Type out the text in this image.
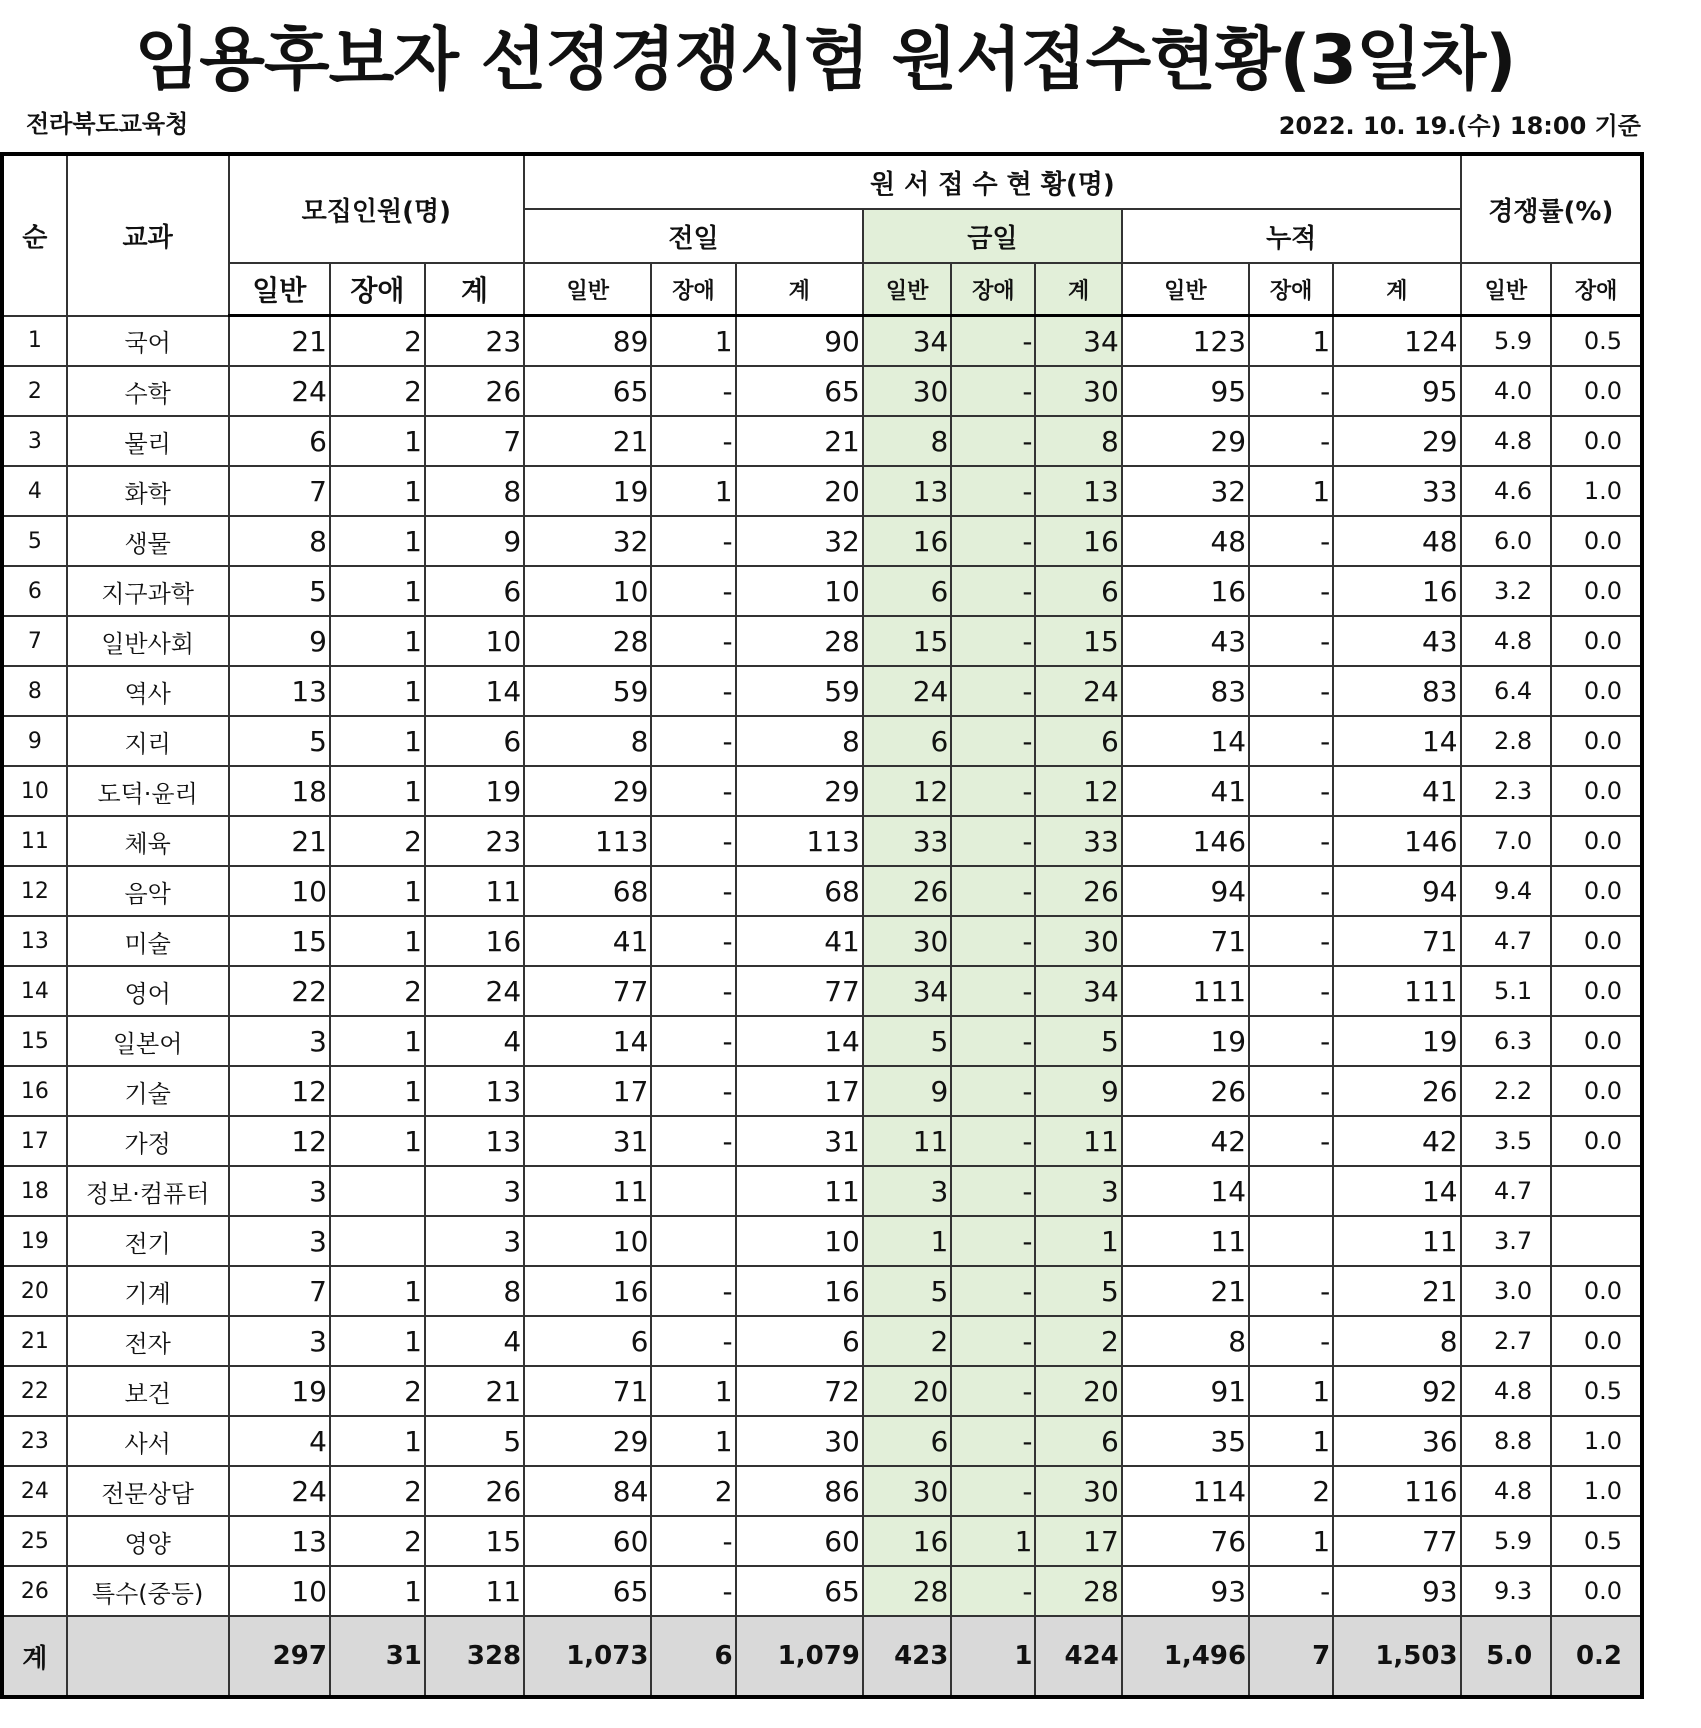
임용후보자 선정경쟁시험 원서접수현황(3일차)
전라북도교육청	2022. 10. 19.(수) 18:00 기준
순	교과	모집인원(명)			원 서 접 수 현 황(명)									경쟁률(%)	
					전일			금일			누적				
		일반	장애	계	일반	장애	계	일반	장애	계	일반	장애	계	일반	장애
1	국어	21	2	23	89	1	90	34	-	34	123	1	124	5.9	0.5
2	수학	24	2	26	65	-	65	30	-	30	95	-	95	4.0	0.0
3	물리	6	1	7	21	-	21	8	-	8	29	-	29	4.8	0.0
4	화학	7	1	8	19	1	20	13	-	13	32	1	33	4.6	1.0
5	생물	8	1	9	32	-	32	16	-	16	48	-	48	6.0	0.0
6	지구과학	5	1	6	10	-	10	6	-	6	16	-	16	3.2	0.0
7	일반사회	9	1	10	28	-	28	15	-	15	43	-	43	4.8	0.0
8	역사	13	1	14	59	-	59	24	-	24	83	-	83	6.4	0.0
9	지리	5	1	6	8	-	8	6	-	6	14	-	14	2.8	0.0
10	도덕·윤리	18	1	19	29	-	29	12	-	12	41	-	41	2.3	0.0
11	체육	21	2	23	113	-	113	33	-	33	146	-	146	7.0	0.0
12	음악	10	1	11	68	-	68	26	-	26	94	-	94	9.4	0.0
13	미술	15	1	16	41	-	41	30	-	30	71	-	71	4.7	0.0
14	영어	22	2	24	77	-	77	34	-	34	111	-	111	5.1	0.0
15	일본어	3	1	4	14	-	14	5	-	5	19	-	19	6.3	0.0
16	기술	12	1	13	17	-	17	9	-	9	26	-	26	2.2	0.0
17	가정	12	1	13	31	-	31	11	-	11	42	-	42	3.5	0.0
18	정보·컴퓨터	3		3	11		11	3	-	3	14		14	4.7	
19	전기	3		3	10		10	1	-	1	11		11	3.7	
20	기계	7	1	8	16	-	16	5	-	5	21	-	21	3.0	0.0
21	전자	3	1	4	6	-	6	2	-	2	8	-	8	2.7	0.0
22	보건	19	2	21	71	1	72	20	-	20	91	1	92	4.8	0.5
23	사서	4	1	5	29	1	30	6	-	6	35	1	36	8.8	1.0
24	전문상담	24	2	26	84	2	86	30	-	30	114	2	116	4.8	1.0
25	영양	13	2	15	60	-	60	16	1	17	76	1	77	5.9	0.5
26	특수(중등)	10	1	11	65	-	65	28	-	28	93	-	93	9.3	0.0
계		297	31	328	1,073	6	1,079	423	1	424	1,496	7	1,503	5.0	0.2
